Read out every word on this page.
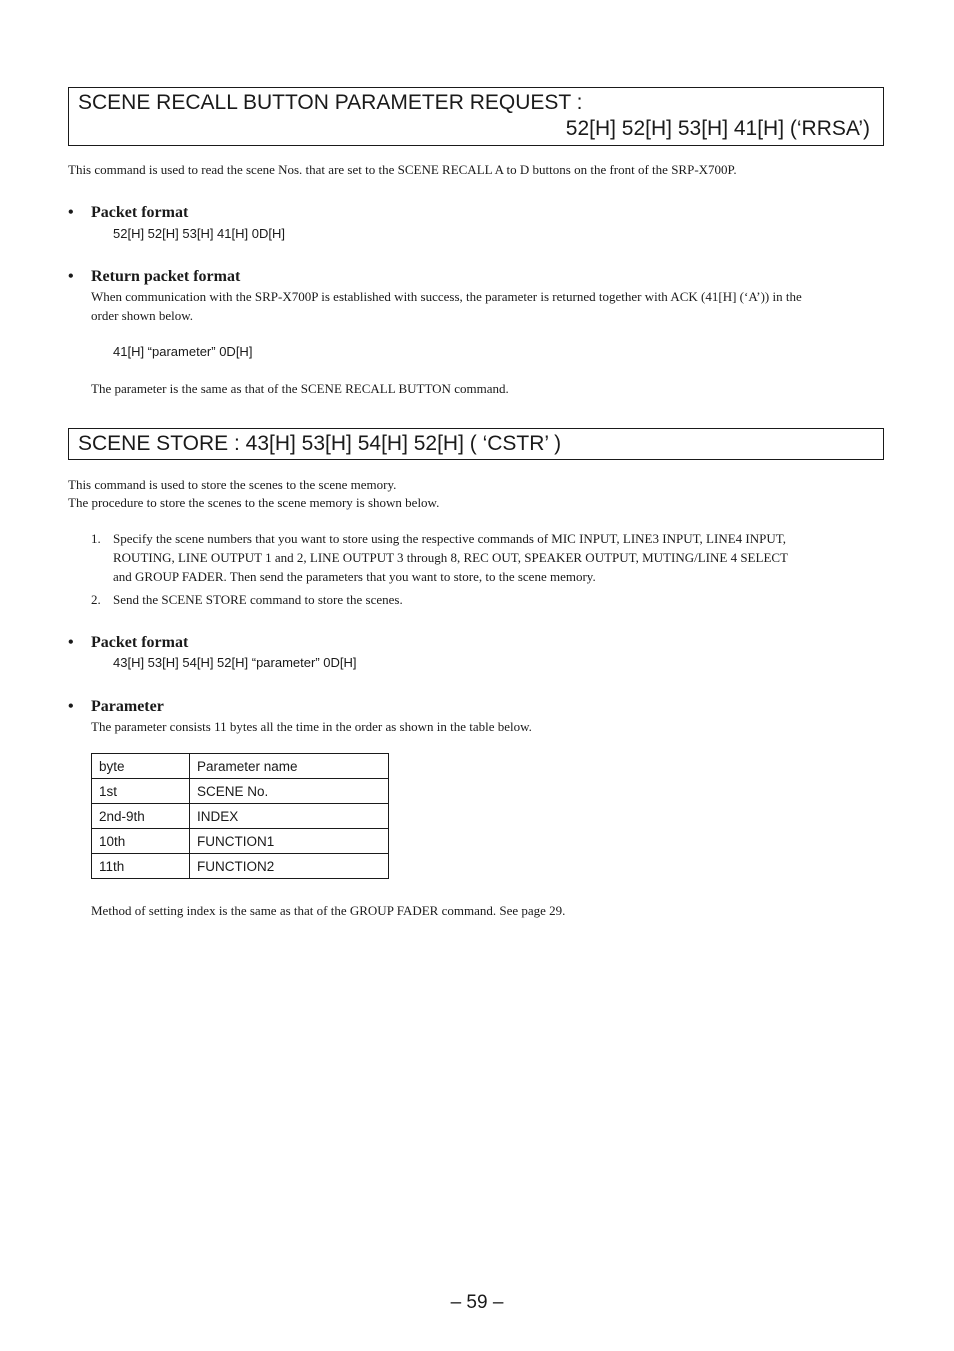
SCENE RECALL BUTTON PARAMETER REQUEST :
52[H] 52[H] 53[H] 41[H] (‘RRSA’)
This command is used to read the scene Nos. that are set to the SCENE RECALL A to D buttons on the front of the SRP-X700P.
• Packet format
52[H] 52[H] 53[H] 41[H] 0D[H]
• Return packet format
When communication with the SRP-X700P is established with success, the parameter is returned together with ACK (41[H] (‘A’)) in the
order shown below.
41[H] “parameter” 0D[H]
The parameter is the same as that of the SCENE RECALL BUTTON command.
SCENE STORE : 43[H] 53[H] 54[H] 52[H] ( ‘CSTR’ )
This command is used to store the scenes to the scene memory.
The procedure to store the scenes to the scene memory is shown below.
1. Specify the scene numbers that you want to store using the respective commands of MIC INPUT, LINE3 INPUT, LINE4 INPUT,
ROUTING, LINE OUTPUT 1 and 2, LINE OUTPUT 3 through 8, REC OUT, SPEAKER OUTPUT, MUTING/LINE 4 SELECT
and GROUP FADER. Then send the parameters that you want to store, to the scene memory.
2. Send the SCENE STORE command to store the scenes.
• Packet format
43[H] 53[H] 54[H] 52[H] “parameter” 0D[H]
• Parameter
The parameter consists 11 bytes all the time in the order as shown in the table below.
byte	Parameter name
1st	SCENE No.
2nd-9th	INDEX
10th	FUNCTION1
11th	FUNCTION2
Method of setting index is the same as that of the GROUP FADER command. See page 29.
– 59 –
